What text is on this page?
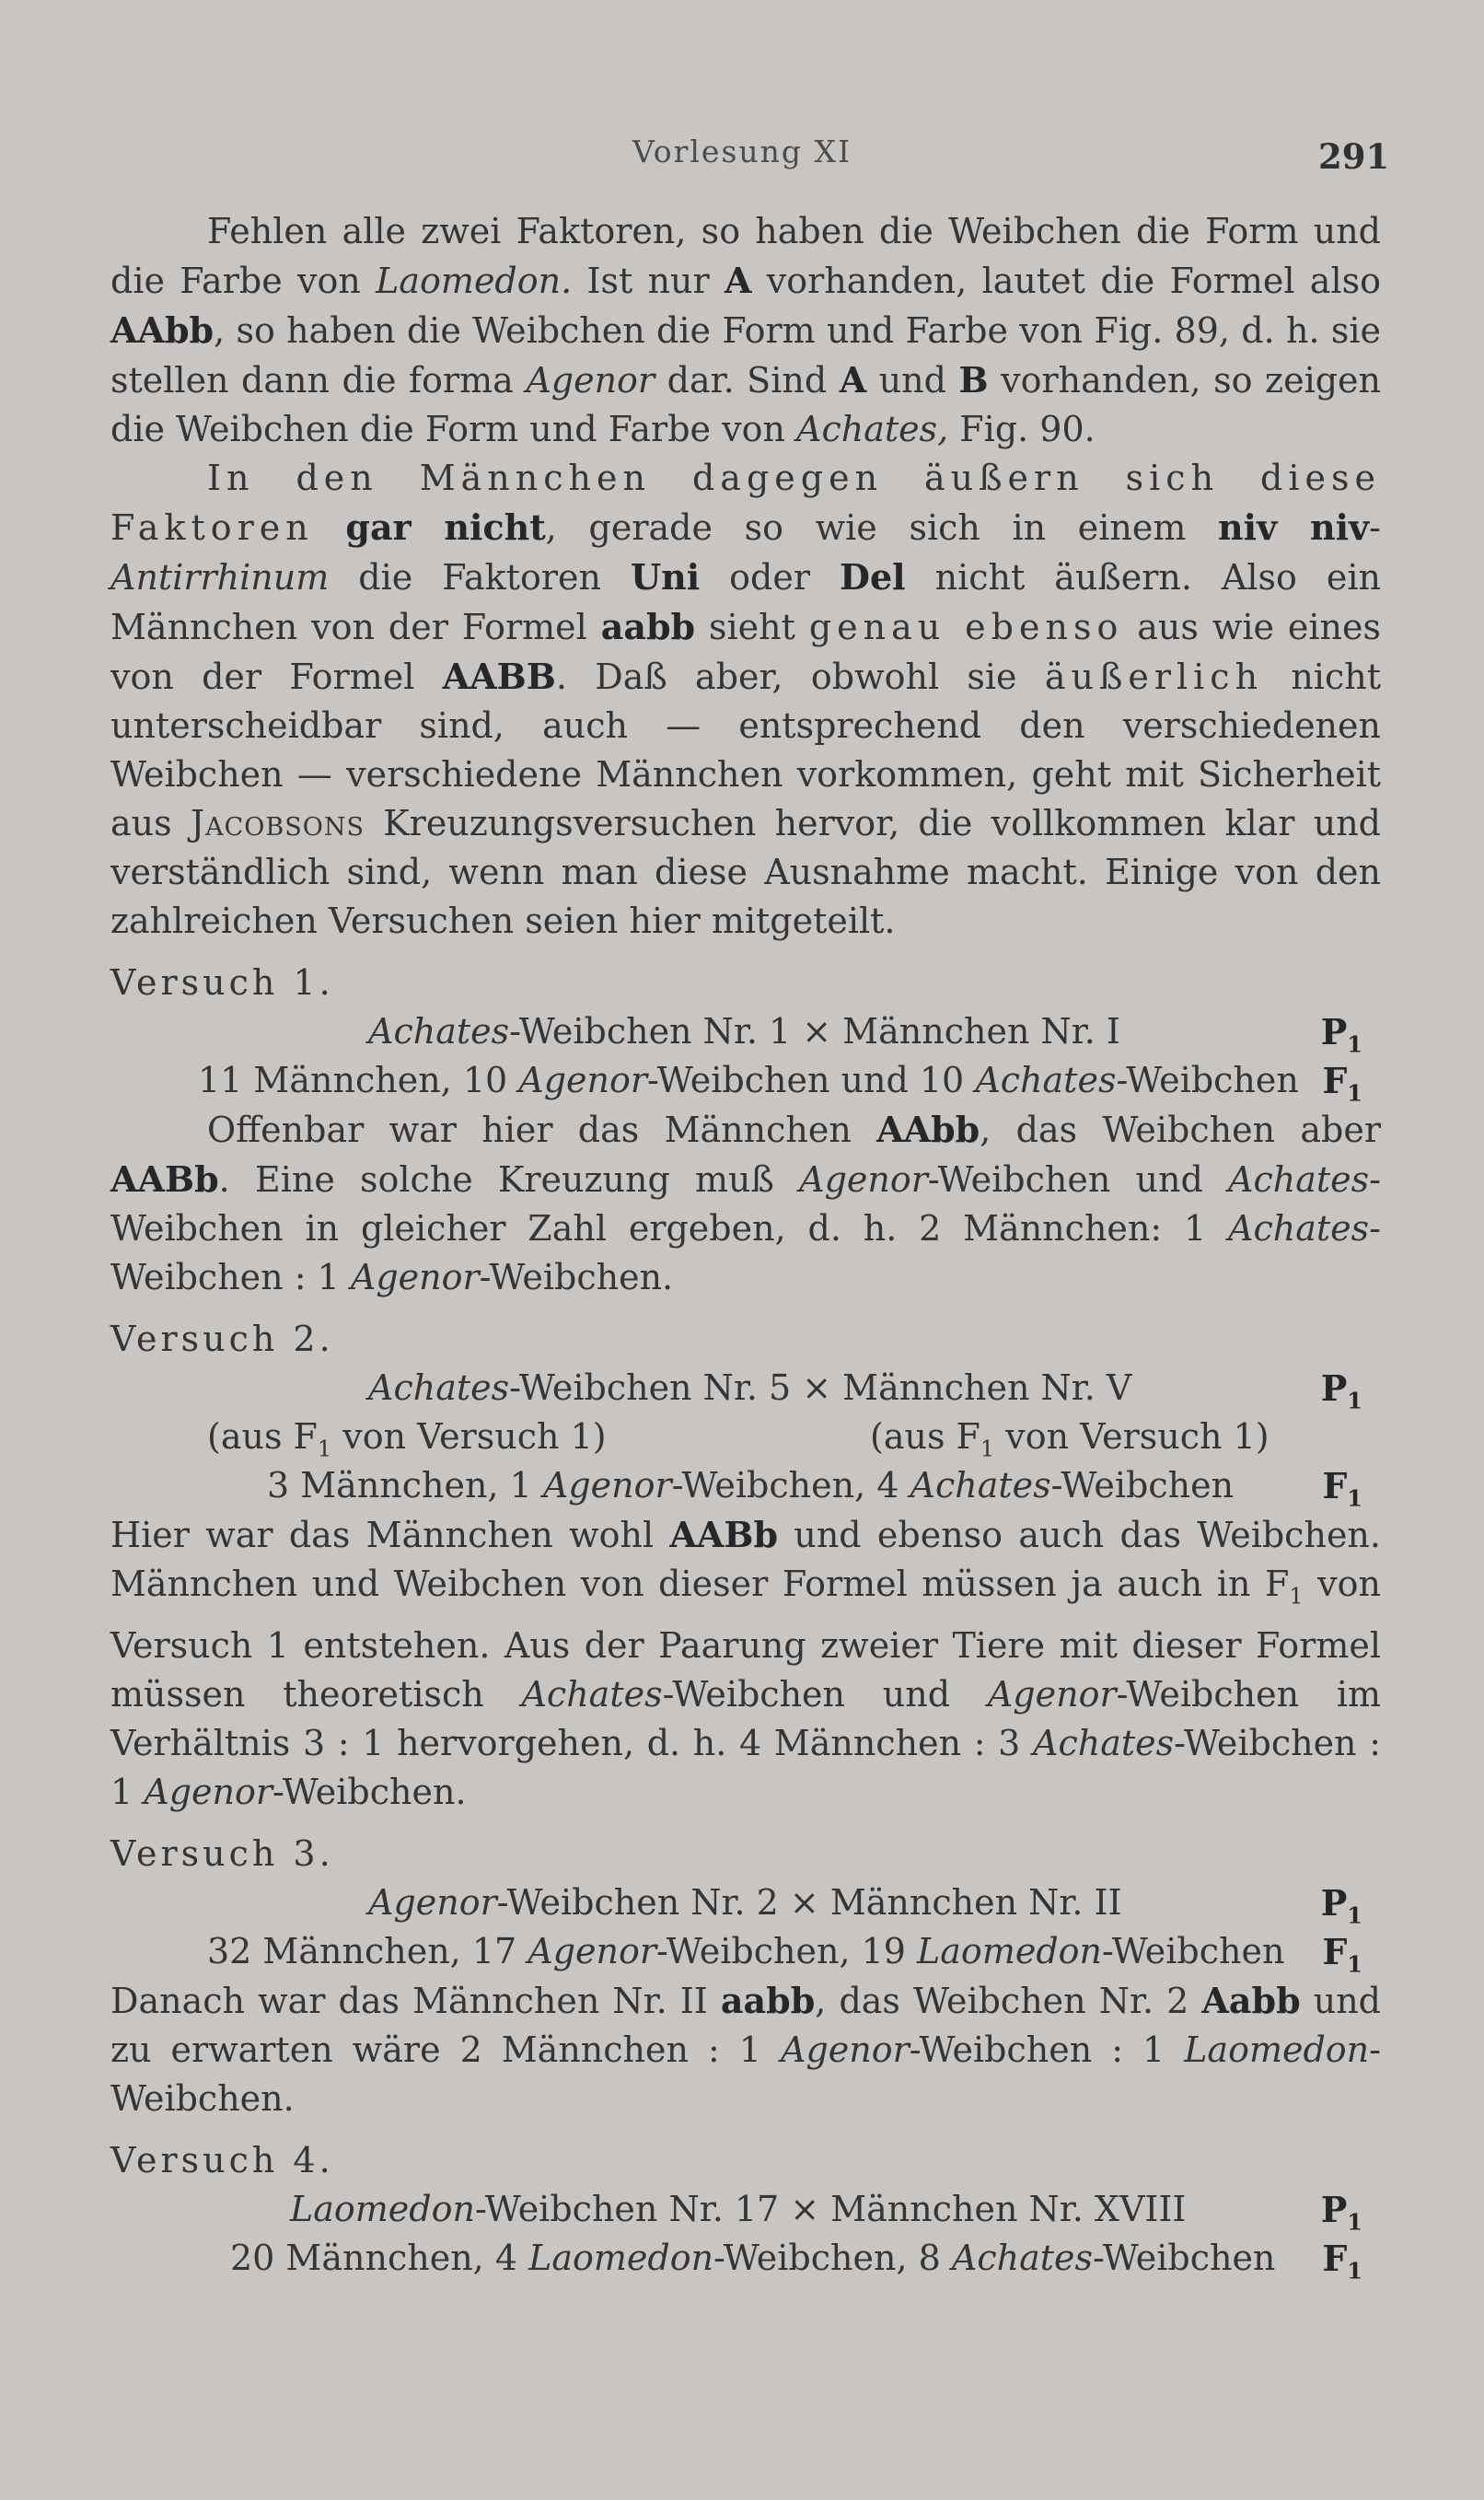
Vorlesung XI	291

Fehlen alle zwei Faktoren, so haben die Weibchen die Form und die Farbe von Laomedon. Ist nur A vorhanden, lautet die Formel also AAbb, so haben die Weibchen die Form und Farbe von Fig. 89, d. h. sie stellen dann die forma Agenor dar. Sind A und B vorhanden, so zeigen die Weibchen die Form und Farbe von Achates, Fig. 90.

In den Männchen dagegen äußern sich diese Faktoren gar nicht, gerade so wie sich in einem niv niv-Antirrhinum die Faktoren Uni oder Del nicht äußern. Also ein Männchen von der Formel aabb sieht genau ebenso aus wie eines von der Formel AABB. Daß aber, obwohl sie äußerlich nicht unterscheidbar sind, auch — entsprechend den verschiedenen Weibchen — verschiedene Männchen vorkommen, geht mit Sicherheit aus Jacobsons Kreuzungsversuchen hervor, die vollkommen klar und verständlich sind, wenn man diese Ausnahme macht. Einige von den zahlreichen Versuchen seien hier mitgeteilt.

Versuch 1.

Achates-Weibchen Nr. 1 × Männchen Nr. I	$P_1$
11 Männchen, 10 Agenor-Weibchen und 10 Achates-Weibchen $F_1$

Offenbar war hier das Männchen AAbb, das Weibchen aber AABb. Eine solche Kreuzung muß Agenor-Weibchen und Achates-Weibchen in gleicher Zahl ergeben, d. h. 2 Männchen: 1 Achates-Weibchen : 1 Agenor-Weibchen.

Versuch 2.

Achates-Weibchen Nr. 5 × Männchen Nr. V	$P_1$
(aus $F_1$ von Versuch 1)	(aus $F_1$ von Versuch 1)
3 Männchen, 1 Agenor-Weibchen, 4 Achates-Weibchen	$F_1$

Hier war das Männchen wohl AABb und ebenso auch das Weibchen. Männchen und Weibchen von dieser Formel müssen ja auch in $F_1$ von Versuch 1 entstehen. Aus der Paarung zweier Tiere mit dieser Formel müssen theoretisch Achates-Weibchen und Agenor-Weibchen im Verhältnis 3 : 1 hervorgehen, d. h. 4 Männchen : 3 Achates-Weibchen : 1 Agenor-Weibchen.

Versuch 3.

Agenor-Weibchen Nr. 2 × Männchen Nr. II	$P_1$
32 Männchen, 17 Agenor-Weibchen, 19 Laomedon-Weibchen $F_1$

Danach war das Männchen Nr. II aabb, das Weibchen Nr. 2 Aabb und zu erwarten wäre 2 Männchen : 1 Agenor-Weibchen : 1 Laomedon-Weibchen.

Versuch 4.

Laomedon-Weibchen Nr. 17 × Männchen Nr. XVIII	$P_1$
20 Männchen, 4 Laomedon-Weibchen, 8 Achates-Weibchen $F_1$
